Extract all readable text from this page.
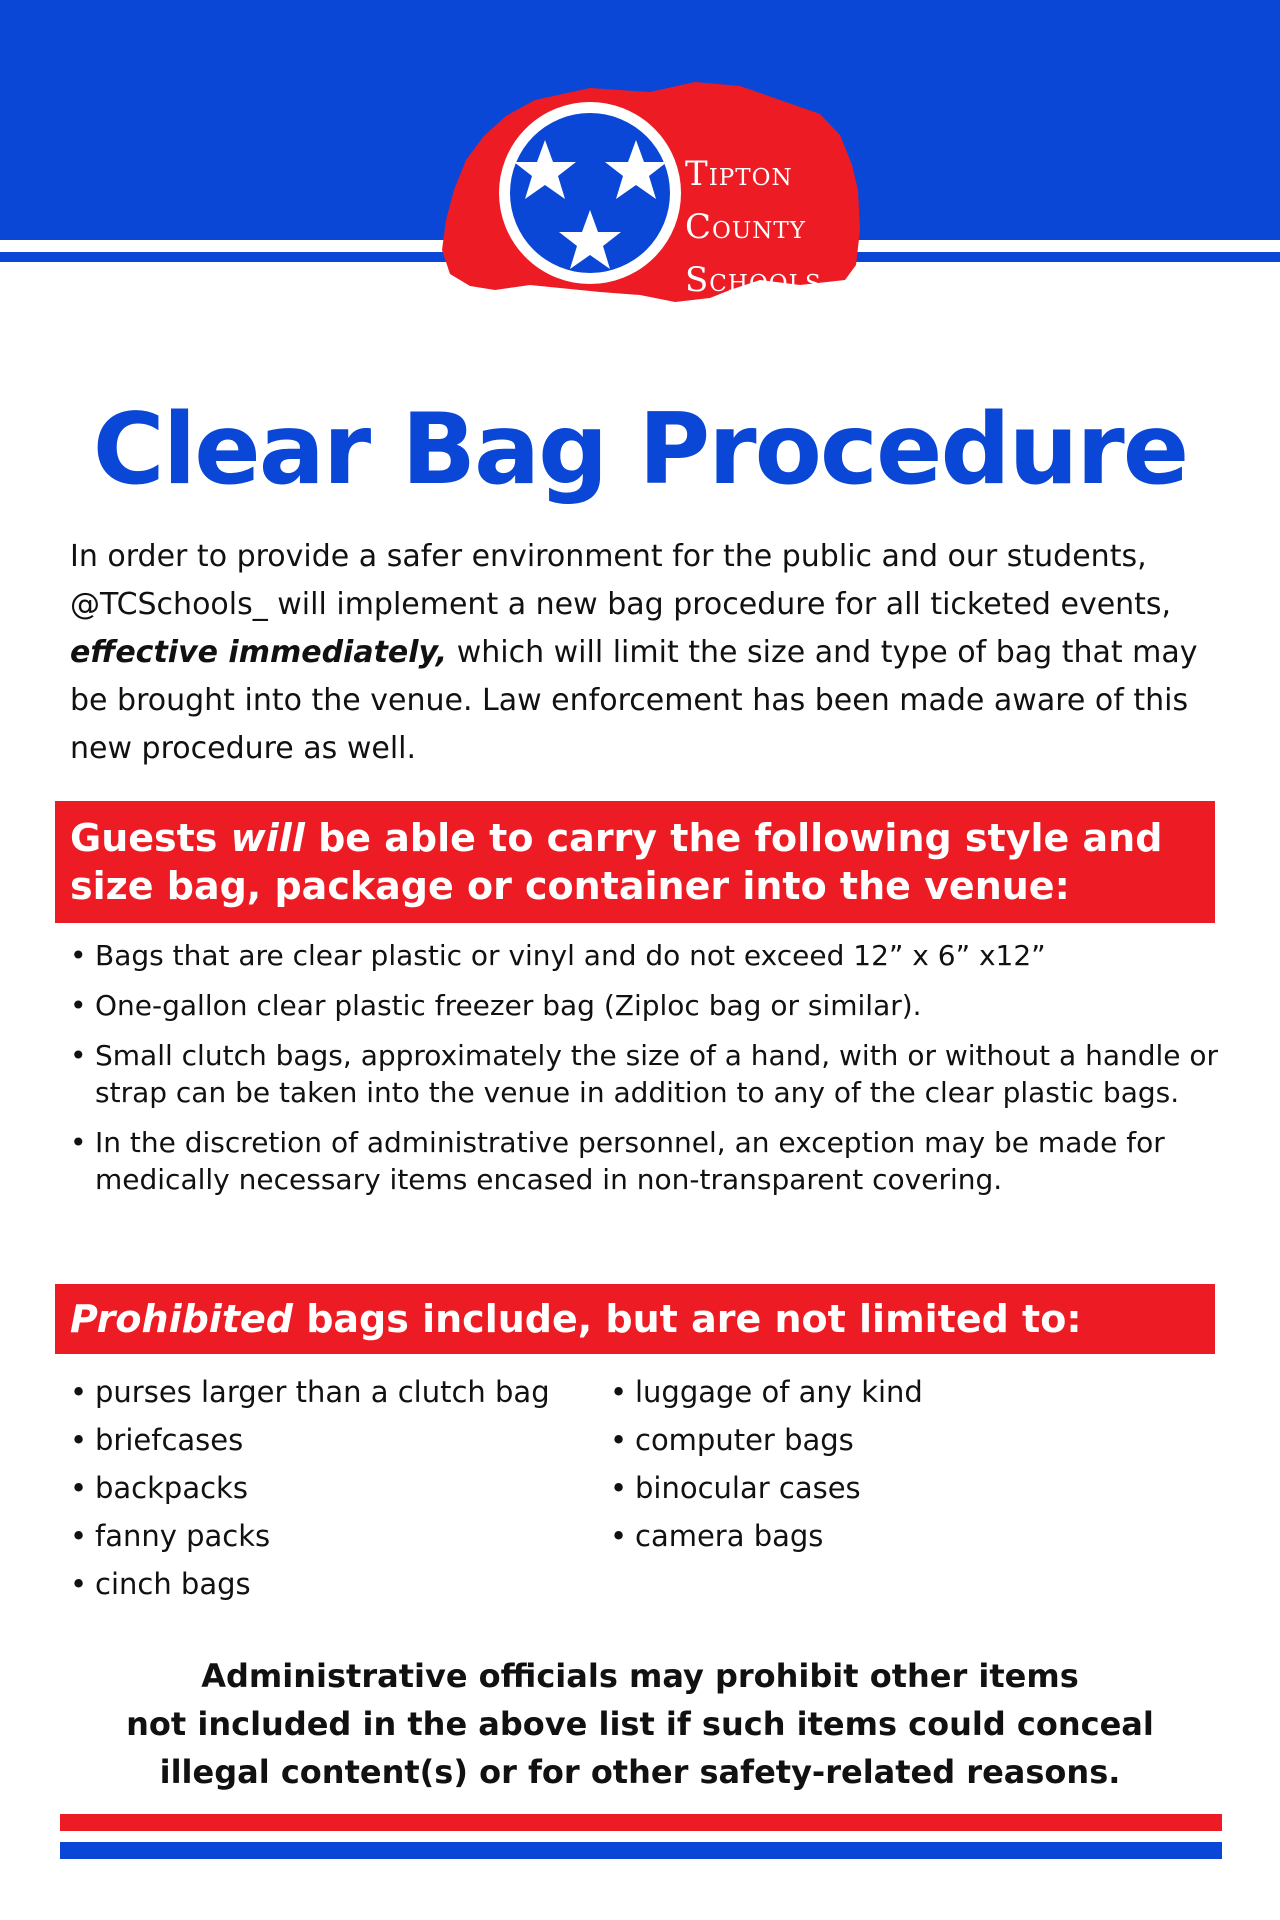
TIPTON
COUNTY
SCHOOLS
Clear Bag Procedure

In order to provide a safer environment for the public and our students, @TCSchools_ will implement a new bag procedure for all ticketed events, effective immediately, which will limit the size and type of bag that may be brought into the venue. Law enforcement has been made aware of this new procedure as well.

Guests will be able to carry the following style and size bag, package or container into the venue:
• Bags that are clear plastic or vinyl and do not exceed 12” x 6” x12”
• One-gallon clear plastic freezer bag (Ziploc bag or similar).
• Small clutch bags, approximately the size of a hand, with or without a handle or strap can be taken into the venue in addition to any of the clear plastic bags.
• In the discretion of administrative personnel, an exception may be made for medically necessary items encased in non-transparent covering.
Prohibited bags include, but are not limited to:
• purses larger than a clutch bag
• briefcases
• backpacks
• fanny packs
• cinch bags
• luggage of any kind
• computer bags
• binocular cases
• camera bags

Administrative officials may prohibit other items
not included in the above list if such items could conceal
illegal content(s) or for other safety-related reasons.
